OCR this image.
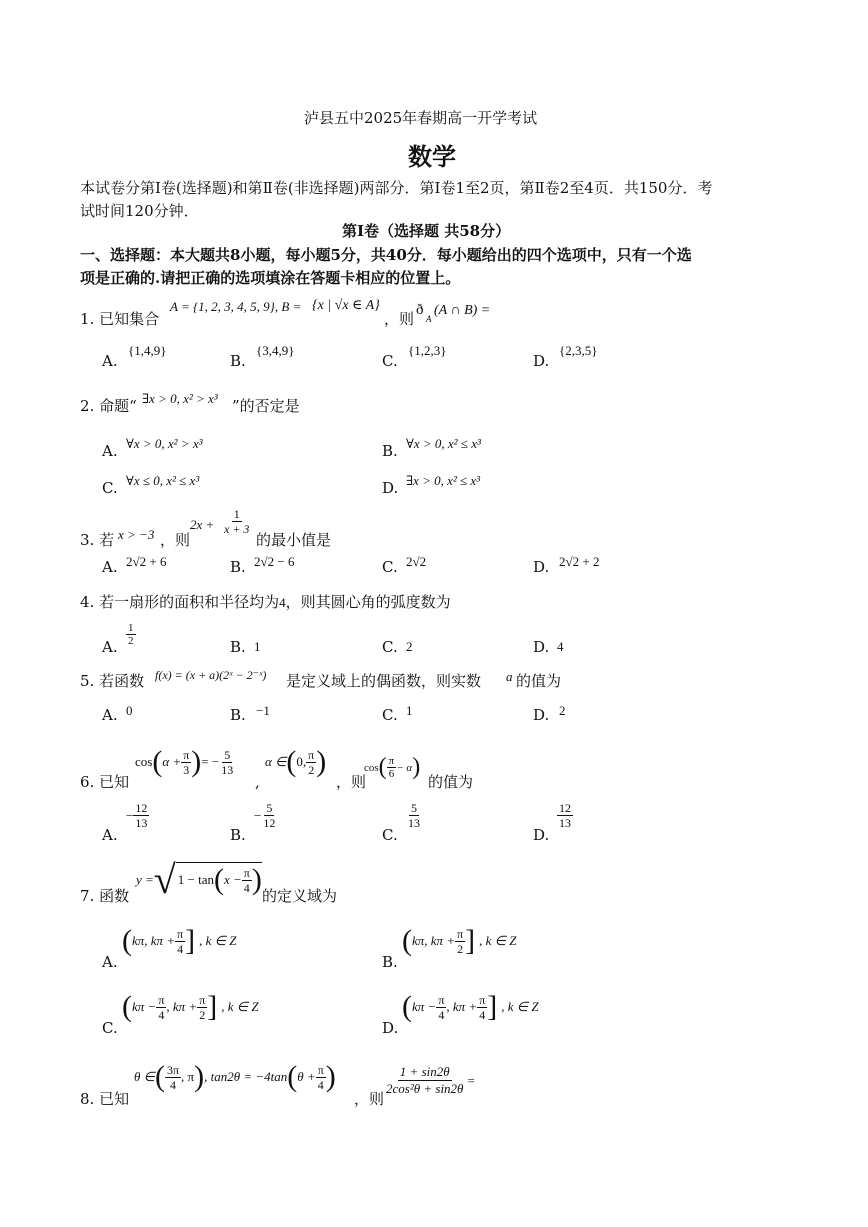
泸县五中2025年春期高一开学考试
数学
本试卷分第Ⅰ卷(选择题)和第Ⅱ卷(非选择题)两部分．第Ⅰ卷1至2页，第Ⅱ卷2至4页．共150分．考
试时间120分钟．
第Ⅰ卷（选择题 共58分）
一、选择题：本大题共8小题，每小题5分，共40分．每小题给出的四个选项中，只有一个选
项是正确的.请把正确的选项填涂在答题卡相应的位置上。
1. 已知集合
A = {1, 2, 3, 4, 5, 9}, B = {x | √x ∈ A}
，则 ð
A
(A ∩ B) =
A.
{1,4,9}
B.
{3,4,9}
C.
{1,2,3}
D.
{2,3,5}
2. 命题“ ∃x > 0, x² > x³ ”的否定是
A. ∀x > 0, x² > x³	B. ∀x > 0, x² ≤ x³
C. ∀x ≤ 0, x² ≤ x³	D. ∃x > 0, x² ≤ x³
3. 若 x > −3 ，则
$2x + \frac{1}{x + 3}$
的最小值是
A. 2√2 + 6	B. 2√2 − 6	C. 2√2	D. 2√2 + 2
4. 若一扇形的面积和半径均为4，则其圆心角的弧度数为
A. $\frac{1}{2}$	B. 1	C. 2	D. 4
5. 若函数 f(x) = (x + a)(2ˣ − 2⁻ˣ) 是定义域上的偶函数，则实数 a 的值为
A. 0	B. −1	C. 1	D. 2
6. 已知
cos ( $\alpha + \frac{\pi}{3}$ ) = − $\frac{5}{13}$
,
α ∈ ( 0, $\frac{\pi}{2}$ )
，则
cos ( $\frac{\pi}{6} - \alpha$ )
的值为
A.
− $\frac{12}{13}$
B.
− $\frac{5}{12}$
C.
$\frac{5}{13}$
D.
$\frac{12}{13}$
7. 函数
y = √ 1 − tan ( $x - \frac{\pi}{4}$ ) 的定义域为
A.
( kπ, $k\pi + \frac{\pi}{4}$ ] , k ∈ Z
B.
( kπ, $k\pi + \frac{\pi}{2}$ ] , k ∈ Z
C.
( $k\pi - \frac{\pi}{4}$ , $k\pi + \frac{\pi}{2}$ ] , k ∈ Z
D.
( $k\pi - \frac{\pi}{4}$ , $k\pi + \frac{\pi}{4}$ ] , k ∈ Z
8. 已知
θ ∈ ( $\frac{3\pi}{4}$ , π ) , tan2θ = −4tan ( $\theta + \frac{\pi}{4}$ )
，则
$\frac{1 + \sin 2\theta}{\text{2cos²θ + sin2θ}}$ =
